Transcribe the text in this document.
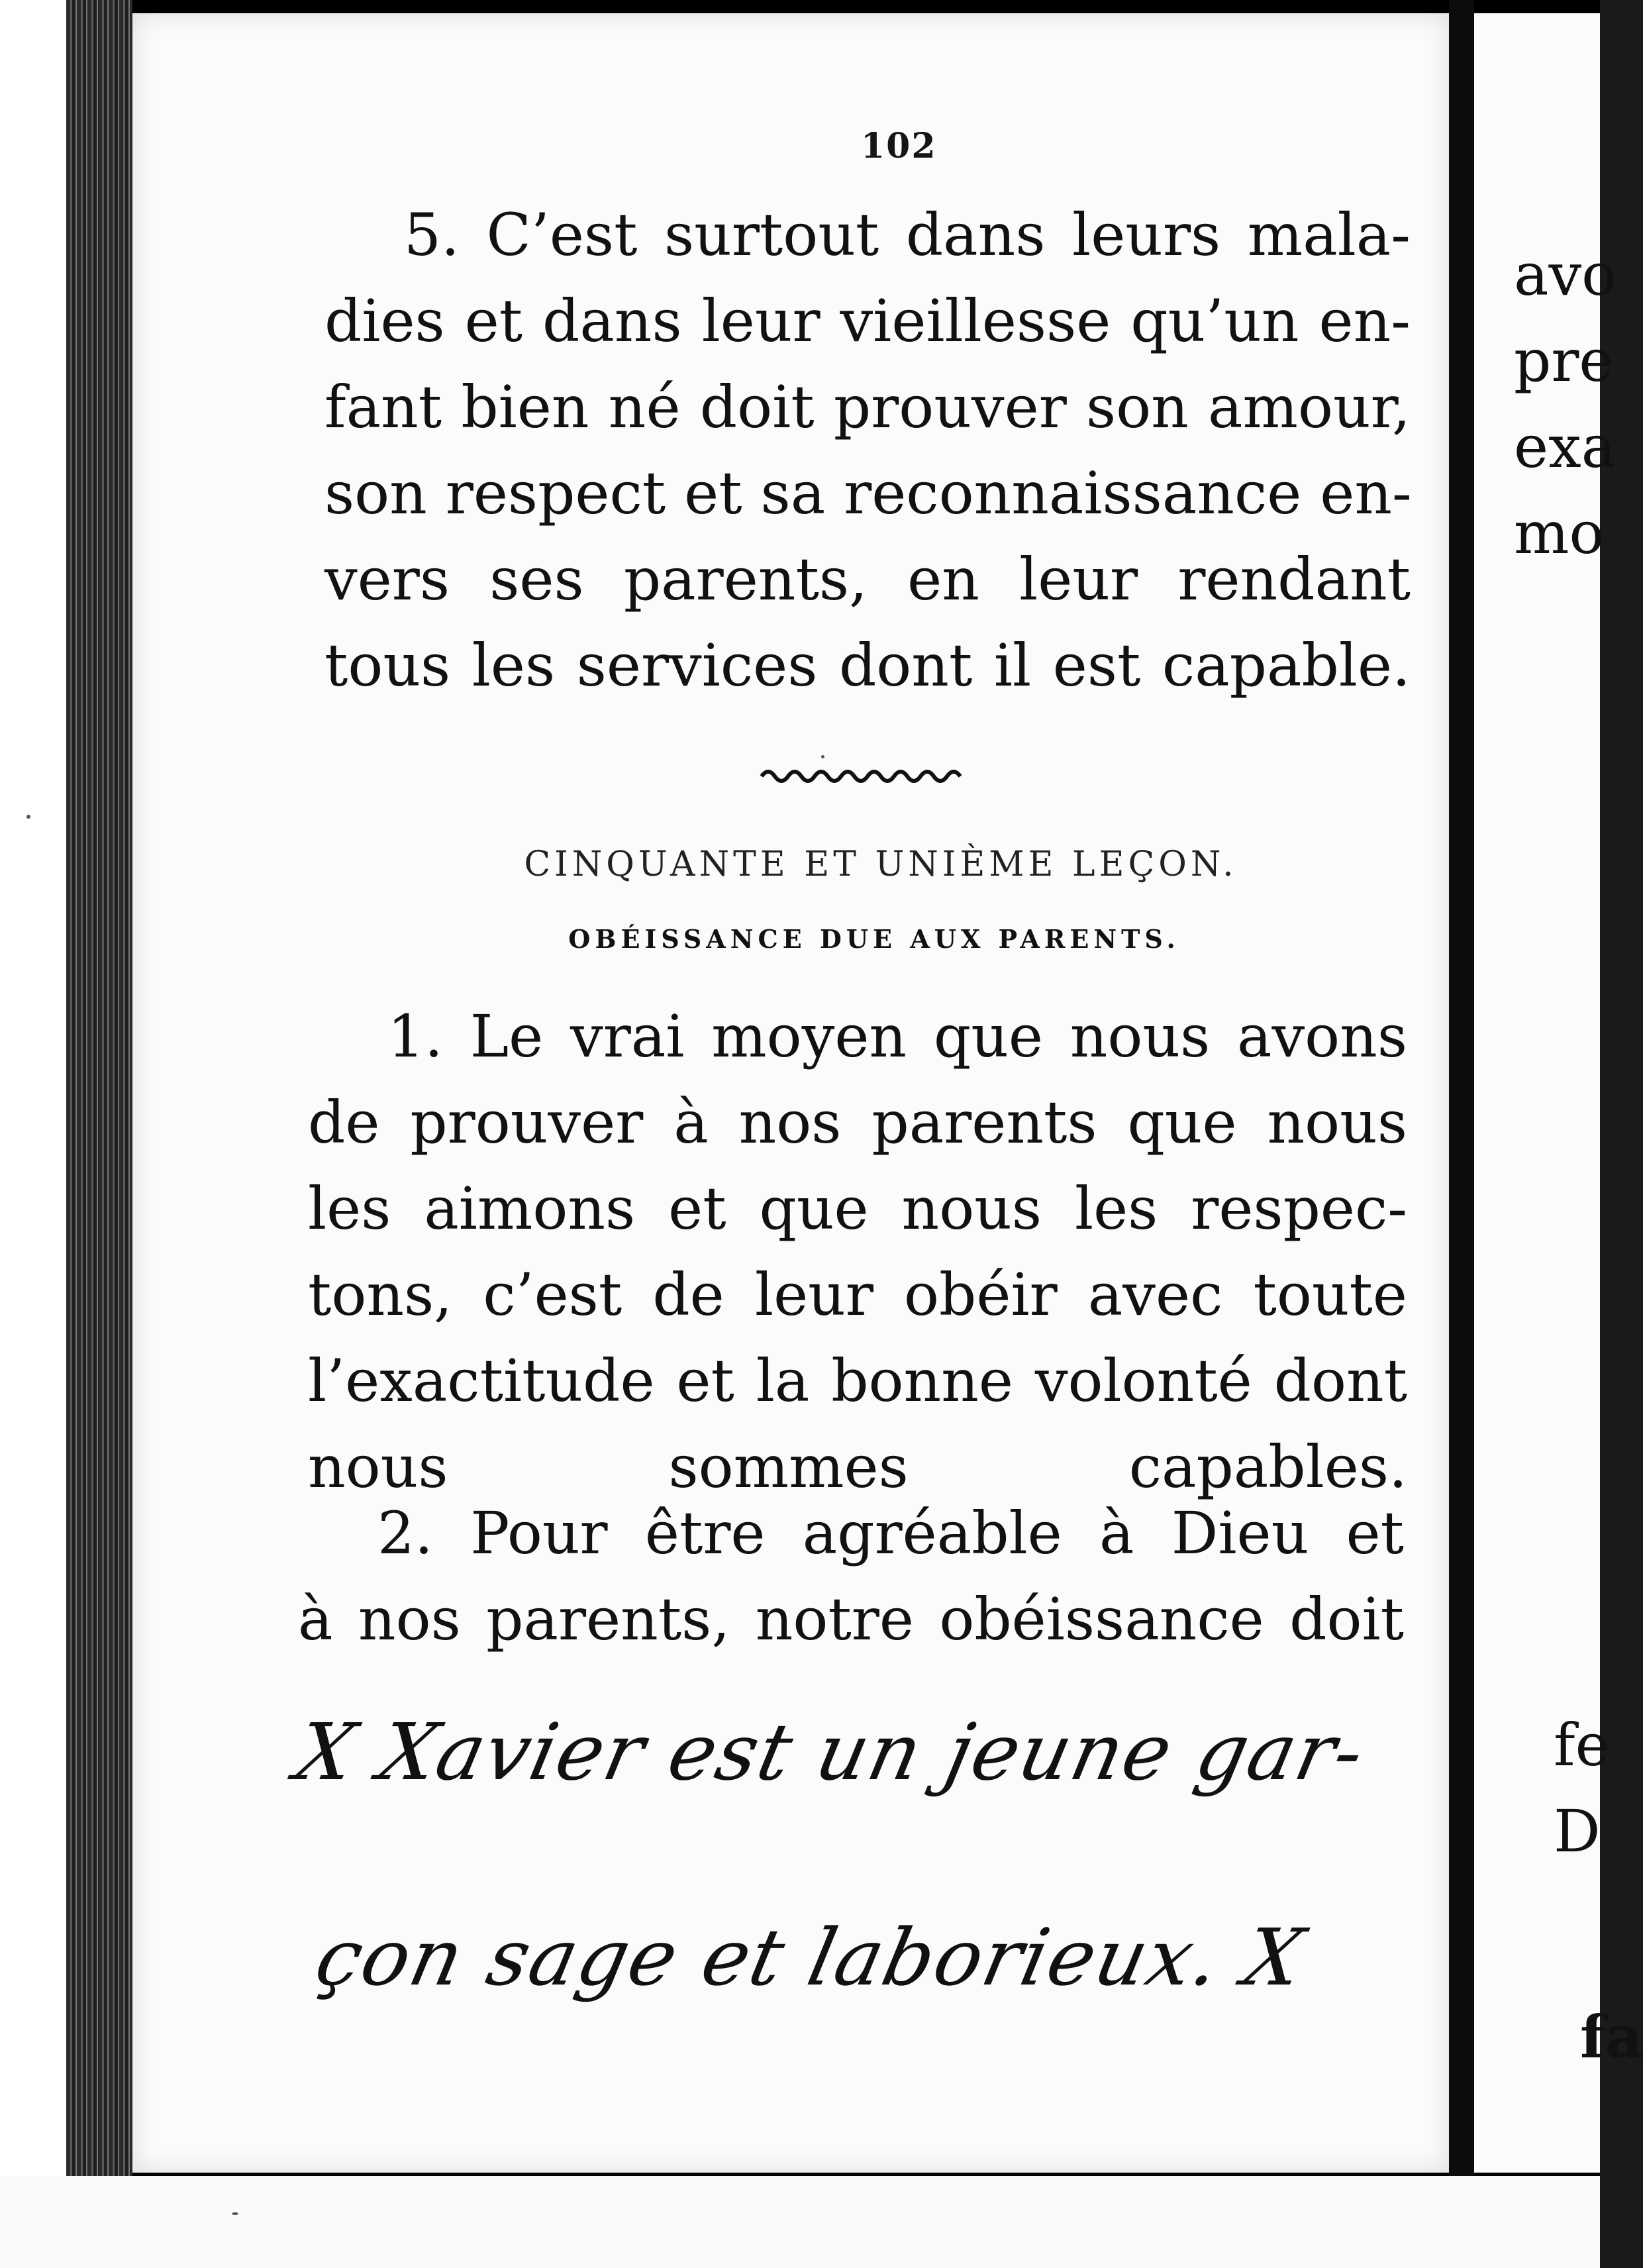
102
5. C’est surtout dans leurs mala-
dies et dans leur vieillesse qu’un en-
fant bien né doit prouver son amour,
son respect et sa reconnaissance en-
vers ses parents, en leur rendant
tous les services dont il est capable.
CINQUANTE ET UNIÈME LEÇON.
OBÉISSANCE DUE AUX PARENTS.
1. Le vrai moyen que nous avons
de prouver à nos parents que nous
les aimons et que nous les respec-
tons, c’est de leur obéir avec toute
l’exactitude et la bonne volonté dont
nous sommes capables.
2. Pour être agréable à Dieu et
à nos parents, notre obéissance doit
X Xavier est un jeune gar-
çon sage et laborieux. X
avo
pre
exa
mo
fe
D
fa
